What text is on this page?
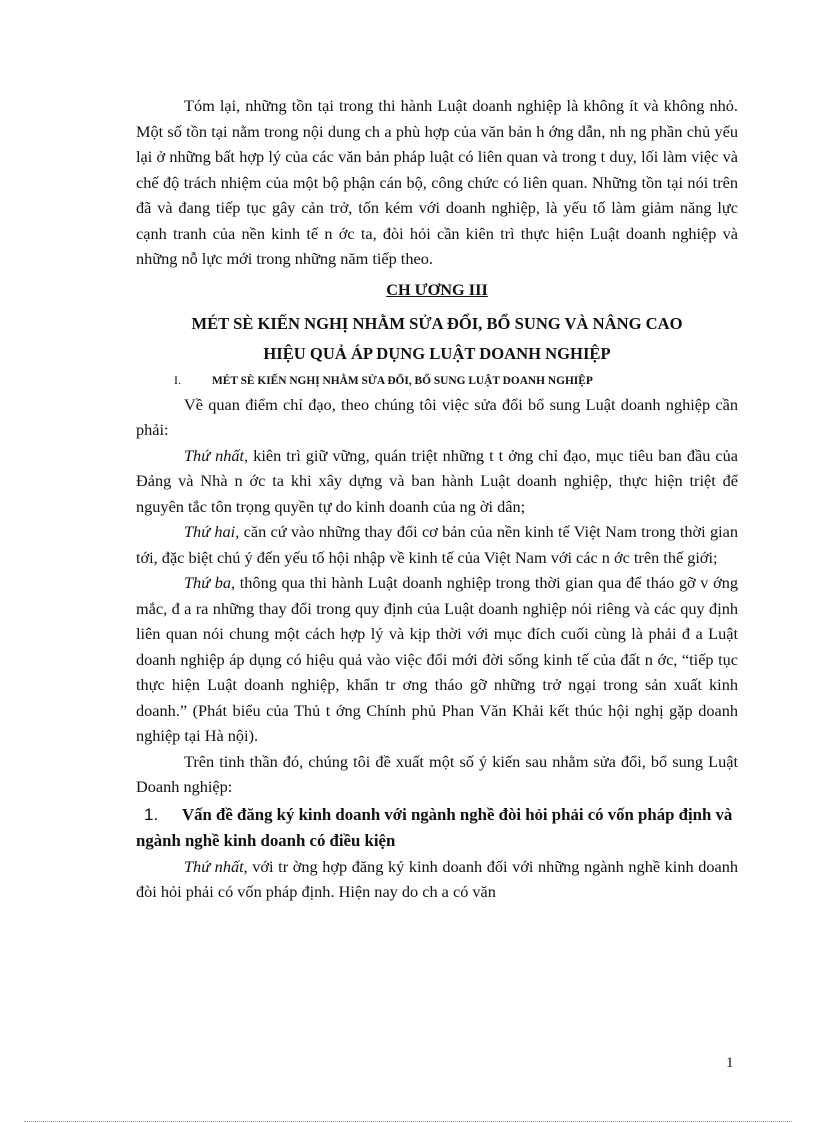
Tóm lại, những tồn tại trong thi hành Luật doanh nghiệp là không ít và không nhỏ. Một số tồn tại nằm trong nội dung ch a phù hợp của văn bản h ớng dẫn, nh ng phần chủ yếu lại ở những bất hợp lý của các văn bản pháp luật có liên quan và trong t duy, lối làm việc và chế độ trách nhiệm của một bộ phận cán bộ, công chức có liên quan. Những tồn tại nói trên đã và đang tiếp tục gây cản trở, tốn kém với doanh nghiệp, là yếu tố làm giảm năng lực cạnh tranh của nền kinh tế n ớc ta, đòi hỏi cần kiên trì thực hiện Luật doanh nghiệp và những nỗ lực mới trong những năm tiếp theo.

CH ƯƠNG III
MÉT SÈ KIẾN NGHỊ NHẰM SỬA ĐỔI, BỔ SUNG VÀ NÂNG CAO
HIỆU QUẢ ÁP DỤNG LUẬT DOANH NGHIỆP
I.	MÉT SÈ KIẾN NGHỊ NHẰM SỬA ĐỔI, BỔ SUNG LUẬT DOANH NGHIỆP

Về quan điểm chỉ đạo, theo chúng tôi việc sửa đổi bổ sung Luật doanh nghiệp cần phải:

Thứ nhất, kiên trì giữ vững, quán triệt những t t ởng chỉ đạo, mục tiêu ban đầu của Đảng và Nhà n ớc ta khi xây dựng và ban hành Luật doanh nghiệp, thực hiện triệt để nguyên tắc tôn trọng quyền tự do kinh doanh của ng ời dân;

Thứ hai, căn cứ vào những thay đổi cơ bản của nền kinh tế Việt Nam trong thời gian tới, đặc biệt chú ý đến yếu tố hội nhập về kinh tế của Việt Nam với các n ớc trên thế giới;

Thứ ba, thông qua thi hành Luật doanh nghiệp trong thời gian qua để tháo gỡ v ớng mắc, đ a ra những thay đổi trong quy định của Luật doanh nghiệp nói riêng và các quy định liên quan nói chung một cách hợp lý và kịp thời với mục đích cuối cùng là phải đ a Luật doanh nghiệp áp dụng có hiệu quả vào việc đổi mới đời sống kinh tế của đất n ớc, “tiếp tục thực hiện Luật doanh nghiệp, khẩn tr ơng tháo gỡ những trở ngại trong sản xuất kinh doanh.” (Phát biểu của Thủ t ớng Chính phủ Phan Văn Khải kết thúc hội nghị gặp doanh nghiệp tại Hà nội).

Trên tinh thần đó, chúng tôi đề xuất một số ý kiến sau nhằm sửa đổi, bổ sung Luật Doanh nghiệp:

1. Vấn đề đăng ký kinh doanh với ngành nghề đòi hỏi phải có vốn pháp định và ngành nghề kinh doanh có điều kiện

Thứ nhất, với tr ờng hợp đăng ký kinh doanh đối với những ngành nghề kinh doanh đòi hỏi phải có vốn pháp định. Hiện nay do ch a có văn

1
